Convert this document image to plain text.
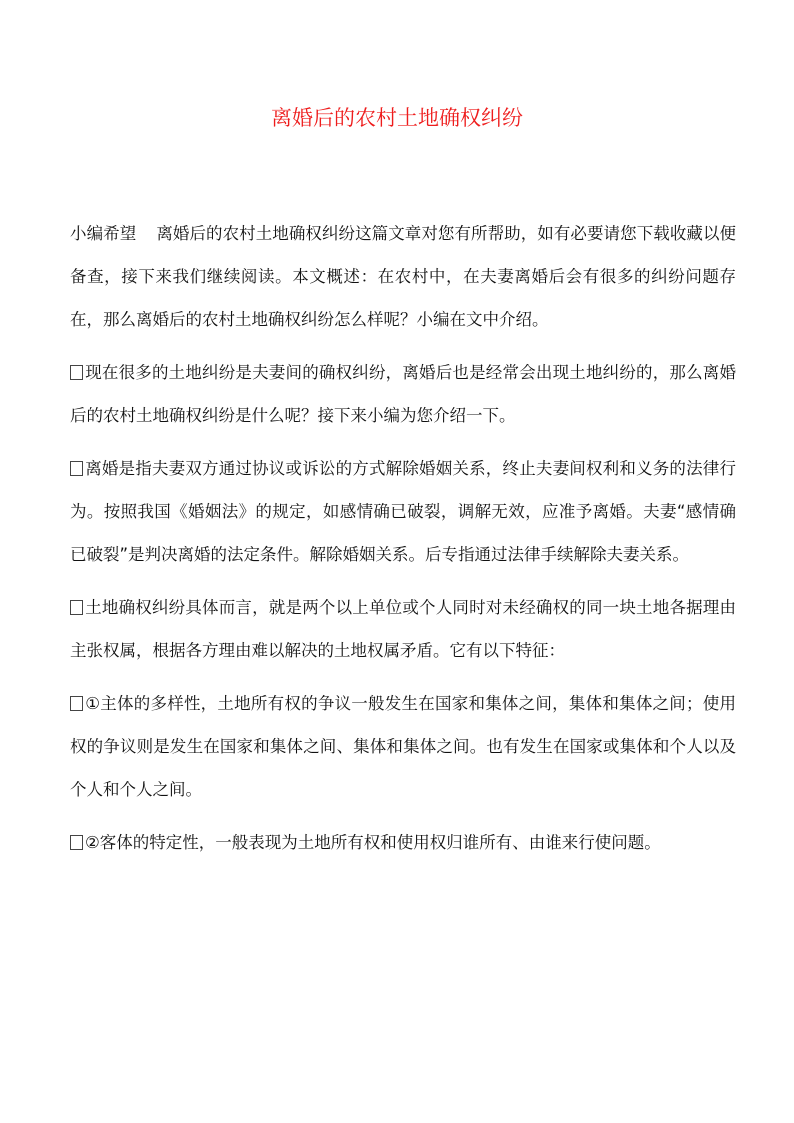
离婚后的农村土地确权纠纷

小编希望 离婚后的农村土地确权纠纷这篇文章对您有所帮助，如有必要请您下载收藏以便备查，接下来我们继续阅读。本文概述：在农村中，在夫妻离婚后会有很多的纠纷问题存在，那么离婚后的农村土地确权纠纷怎么样呢？小编在文中介绍。

现在很多的土地纠纷是夫妻间的确权纠纷，离婚后也是经常会出现土地纠纷的，那么离婚后的农村土地确权纠纷是什么呢？接下来小编为您介绍一下。

离婚是指夫妻双方通过协议或诉讼的方式解除婚姻关系，终止夫妻间权利和义务的法律行为。按照我国《婚姻法》的规定，如感情确已破裂，调解无效，应准予离婚。夫妻“感情确已破裂”是判决离婚的法定条件。解除婚姻关系。后专指通过法律手续解除夫妻关系。

土地确权纠纷具体而言，就是两个以上单位或个人同时对未经确权的同一块土地各据理由主张权属，根据各方理由难以解决的土地权属矛盾。它有以下特征：

①主体的多样性，土地所有权的争议一般发生在国家和集体之间，集体和集体之间；使用权的争议则是发生在国家和集体之间、集体和集体之间。也有发生在国家或集体和个人以及个人和个人之间。

②客体的特定性，一般表现为土地所有权和使用权归谁所有、由谁来行使问题。
